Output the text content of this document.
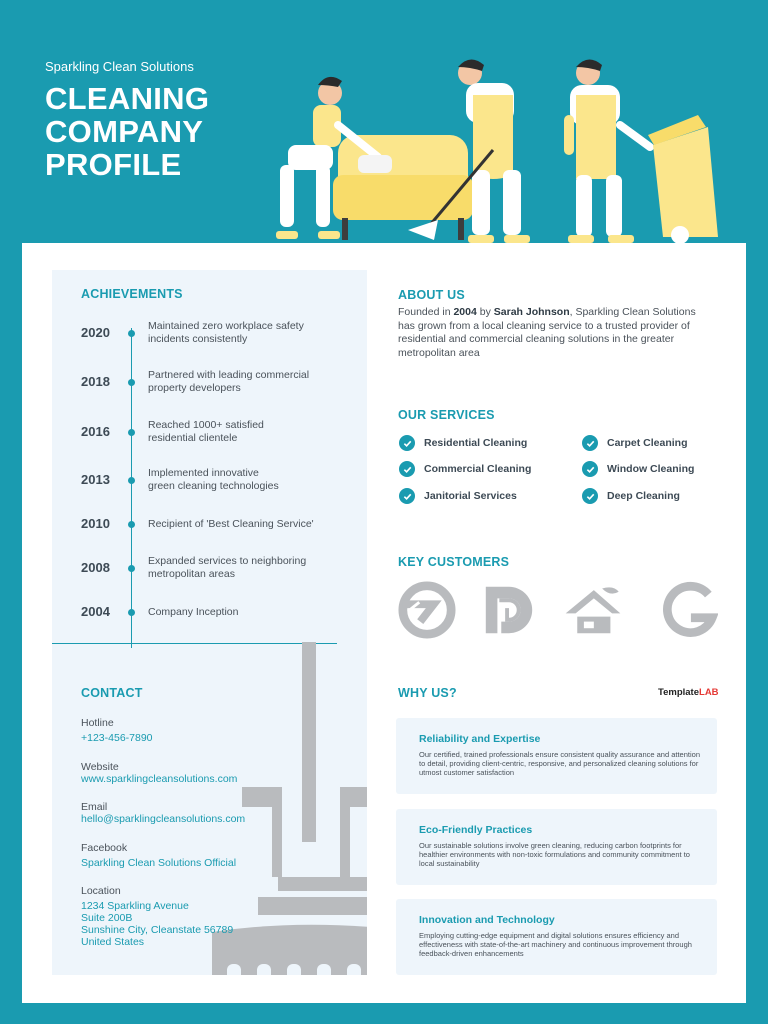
Sparkling Clean Solutions
CLEANING
COMPANY
PROFILE
ACHIEVEMENTS
2020	Maintained zero workplace safety
incidents consistently
2018	Partnered with leading commercial
property developers
2016	Reached 1000+ satisfied
residential clientele
2013	Implemented innovative
green cleaning technologies
2010	Recipient of 'Best Cleaning Service'
2008	Expanded services to neighboring
metropolitan areas
2004	Company Inception
CONTACT
Hotline
+123-456-7890
Website
www.sparklingcleansolutions.com
Email
hello@sparklingcleansolutions.com
Facebook
Sparkling Clean Solutions Official
Location
1234 Sparkling Avenue
Suite 200B
Sunshine City, Cleanstate 56789
United States
ABOUT US
Founded in 2004 by Sarah Johnson, Sparkling Clean Solutions has grown from a local cleaning service to a trusted provider of residential and commercial cleaning solutions in the greater metropolitan area
OUR SERVICES
Residential Cleaning
Commercial Cleaning
Janitorial Services
Carpet Cleaning
Window Cleaning
Deep Cleaning
KEY CUSTOMERS
WHY US?	TemplateLAB
Reliability and Expertise
Our certified, trained professionals ensure consistent quality assurance and attention to detail, providing client-centric, responsive, and personalized cleaning solutions for utmost customer satisfaction
Eco-Friendly Practices
Our sustainable solutions involve green cleaning, reducing carbon footprints for healthier environments with non-toxic formulations and community commitment to local sustainability
Innovation and Technology
Employing cutting-edge equipment and digital solutions ensures efficiency and effectiveness with state-of-the-art machinery and continuous improvement through feedback-driven enhancements
